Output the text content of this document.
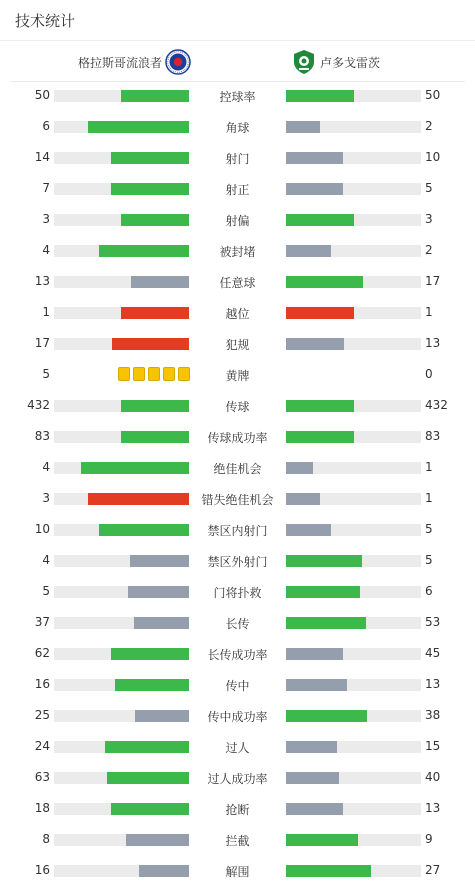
技术统计
格拉斯哥流浪者	卢多戈雷茨
50	控球率	50
6	角球	2
14	射门	10
7	射正	5
3	射偏	3
4	被封堵	2
13	任意球	17
1	越位	1
17	犯规	13
5	黄牌	0
432	传球	432
83	传球成功率	83
4	绝佳机会	1
3	错失绝佳机会	1
10	禁区内射门	5
4	禁区外射门	5
5	门将扑救	6
37	长传	53
62	长传成功率	45
16	传中	13
25	传中成功率	38
24	过人	15
63	过人成功率	40
18	抢断	13
8	拦截	9
16	解围	27
